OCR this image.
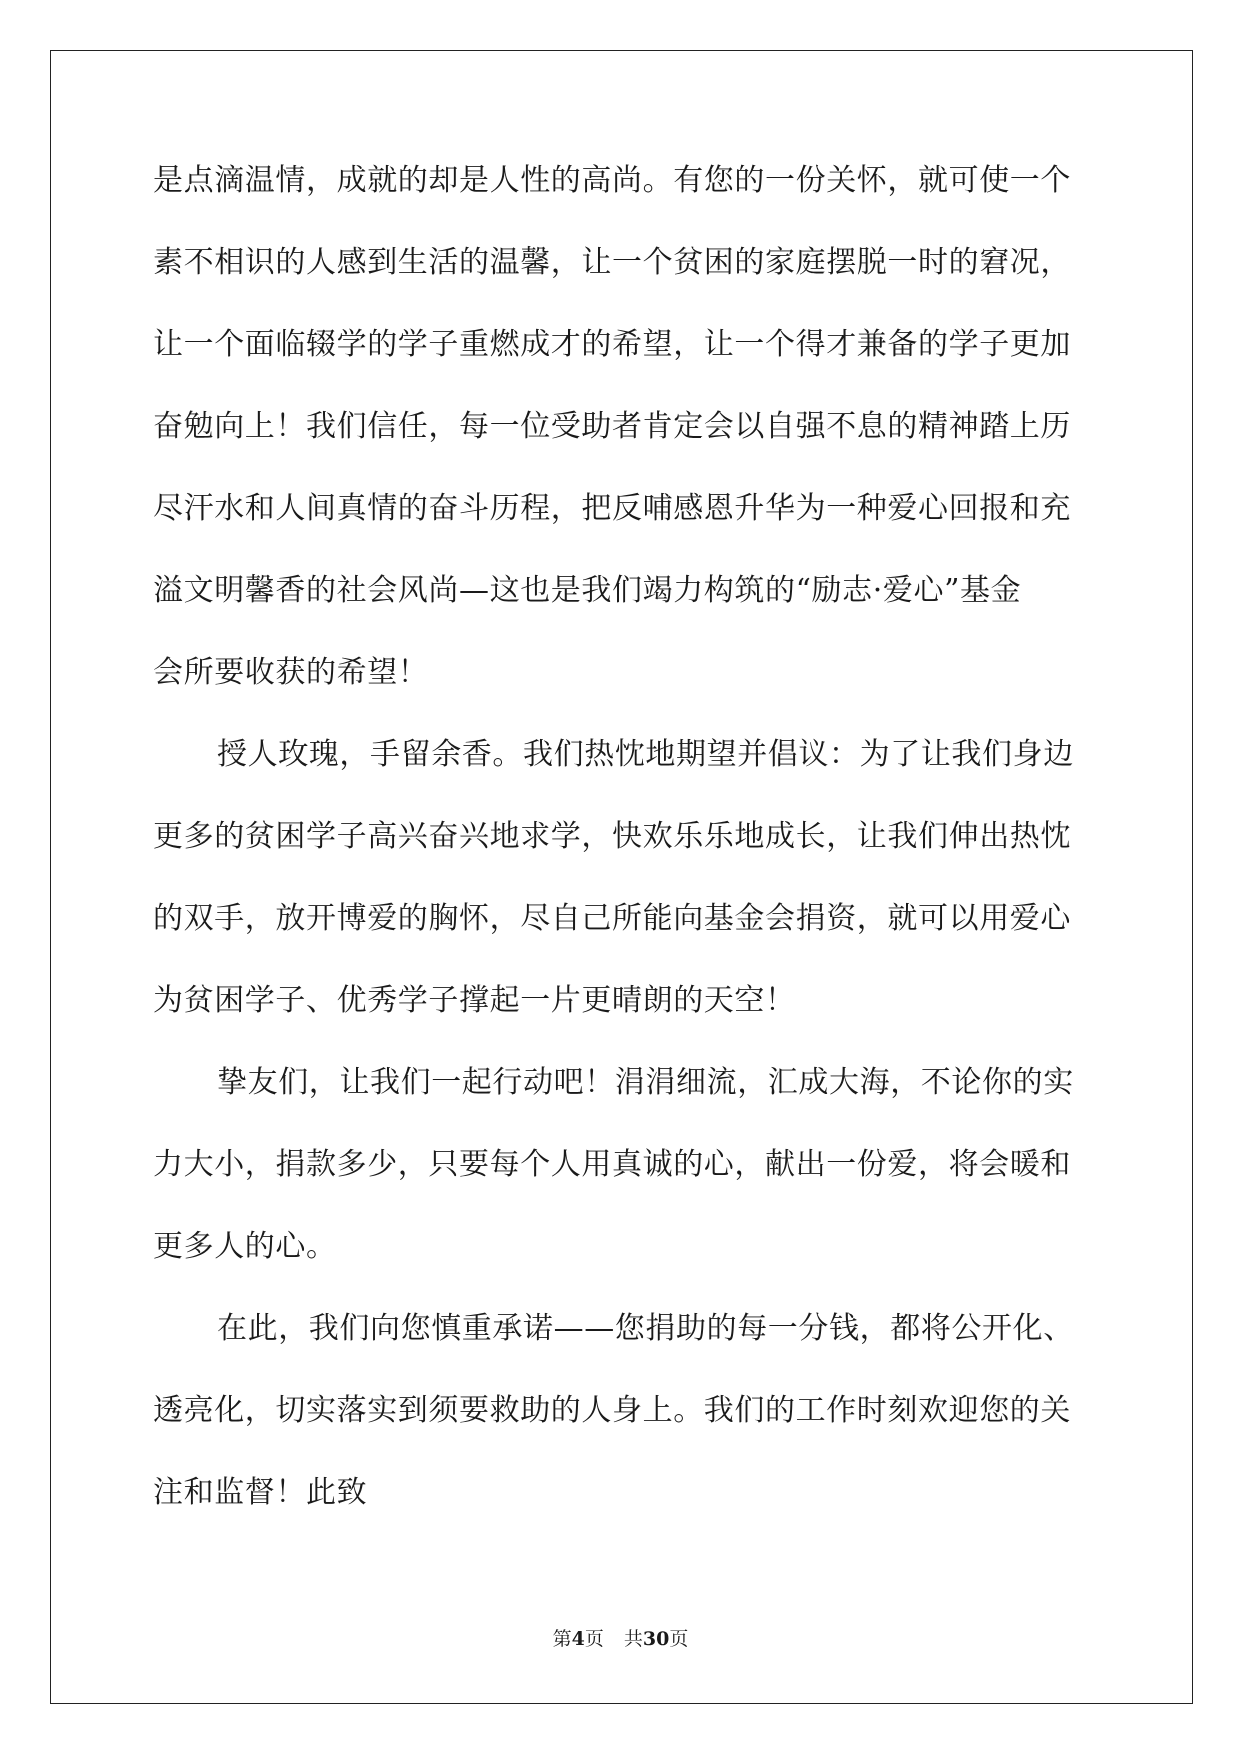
是点滴温情，成就的却是人性的高尚。有您的一份关怀，就可使一个
素不相识的人感到生活的温馨，让一个贫困的家庭摆脱一时的窘况，
让一个面临辍学的学子重燃成才的希望，让一个得才兼备的学子更加
奋勉向上！我们信任，每一位受助者肯定会以自强不息的精神踏上历
尽汗水和人间真情的奋斗历程，把反哺感恩升华为一种爱心回报和充
溢文明馨香的社会风尚—这也是我们竭力构筑的“励志·爱心”基金
会所要收获的希望！
授人玫瑰，手留余香。我们热忱地期望并倡议：为了让我们身边
更多的贫困学子高兴奋兴地求学，快欢乐乐地成长，让我们伸出热忱
的双手，放开博爱的胸怀，尽自己所能向基金会捐资，就可以用爱心
为贫困学子、优秀学子撑起一片更晴朗的天空！
挚友们，让我们一起行动吧！涓涓细流，汇成大海，不论你的实
力大小，捐款多少，只要每个人用真诚的心，献出一份爱，将会暖和
更多人的心。
在此，我们向您慎重承诺——您捐助的每一分钱，都将公开化、
透亮化，切实落实到须要救助的人身上。我们的工作时刻欢迎您的关
注和监督！此致
第4页 共30页
